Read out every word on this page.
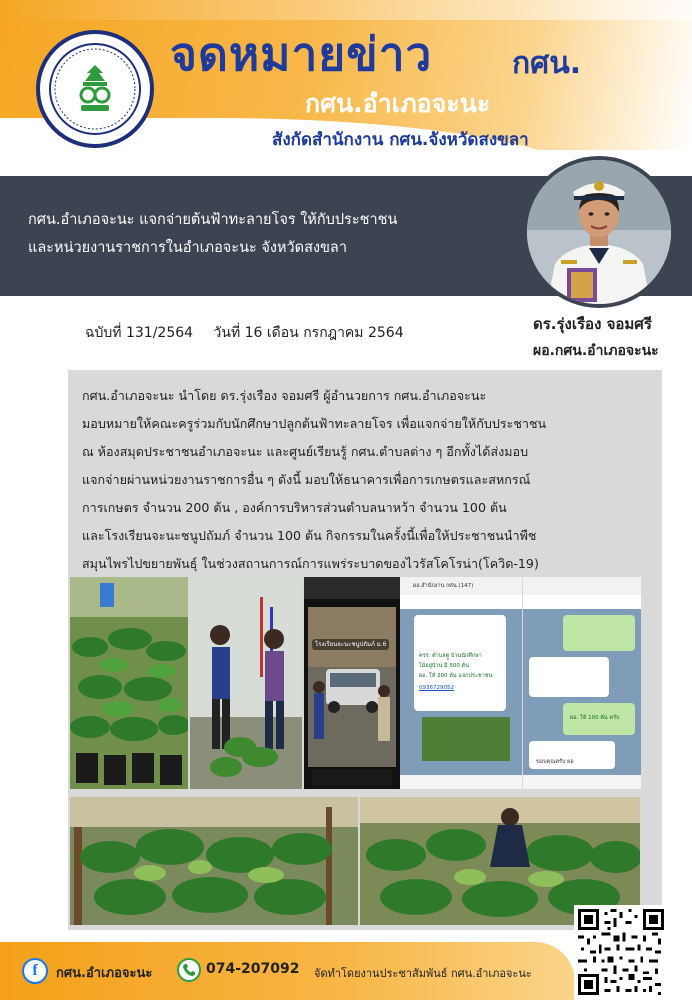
จดหมายข่าว	กศน.
กศน.อำเภอจะนะ
สังกัดสำนักงาน กศน.จังหวัดสงขลา
กศน.อำเภอจะนะ แจกจ่ายต้นฟ้าทะลายโจร ให้กับประชาชน
และหน่วยงานราชการในอำเภอจะนะ จังหวัดสงขลา
ฉบับที่ 131/2564 วันที่ 16 เดือน กรกฎาคม 2564	ดร.รุ่งเรือง จอมศรี
ผอ.กศน.อำเภอจะนะ
กศน.อำเภอจะนะ นำโดย ดร.รุ่งเรือง จอมศรี ผู้อำนวยการ กศน.อำเภอจะนะ
มอบหมายให้คณะครูร่วมกับนักศึกษาปลูกต้นฟ้าทะลายโจร เพื่อแจกจ่ายให้กับประชาชน
ณ ห้องสมุดประชาชนอำเภอจะนะ และศูนย์เรียนรู้ กศน.ตำบลต่าง ๆ อีกทั้งได้ส่งมอบ
แจกจ่ายผ่านหน่วยงานราชการอื่น ๆ ดังนี้ มอบให้ธนาคารเพื่อการเกษตรและสหกรณ์
การเกษตร จำนวน 200 ต้น , องค์การบริหารส่วนตำบลนาหว้า จำนวน 100 ต้น
และโรงเรียนจะนะชนูปถัมภ์ จำนวน 100 ต้น กิจกรรมในครั้งนี้เพื่อให้ประชาชนนำพืช
สมุนไพรไปขยายพันธุ์ ในช่วงสถานการณ์การแพร่ระบาดของไวรัสโคโรน่า(โควิด-19)
โรงเรียนจะนะชนูปถัมภ์ ม.6
ผอ.สำนักงาน กศน.(147)
ครร. ตำบลตูู บ้านนักศึกษา
ไม้อยู่บ้าน มี 500 ต้น
ผอ. ให้ 200 ต้น แจกประชาชน
0936729052
ผอ. ให้ 100 ต้น ครับ
ขอบคุณครับ ผอ
f	กศน.อำเภอจะนะ	074-207092 จัดทำโดยงานประชาสัมพันธ์ กศน.อำเภอจะนะ
